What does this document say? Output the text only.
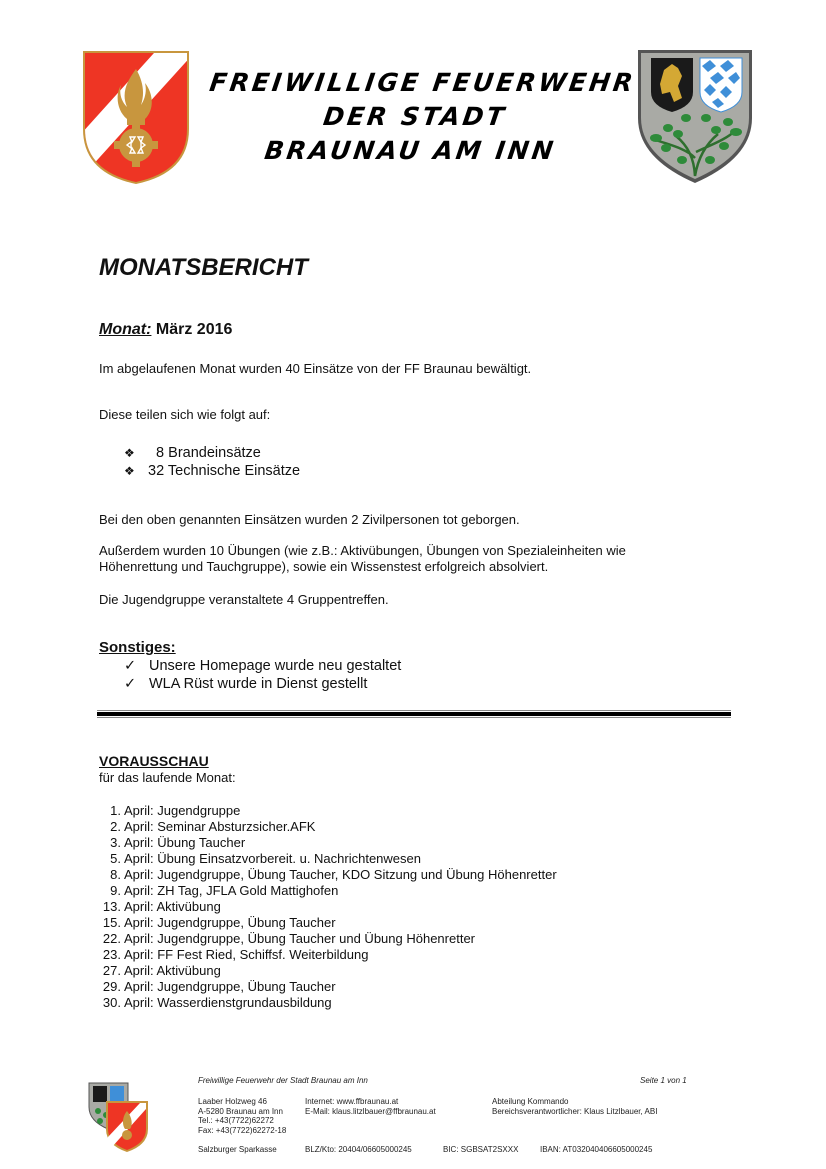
FREIWILLIGE FEUERWEHR
DER STADT
BRAUNAU AM INN
MONATSBERICHT
Monat: März 2016
Im abgelaufenen Monat wurden 40 Einsätze von der FF Braunau bewältigt.
Diese teilen sich wie folgt auf:
❖ 8 Brandeinsätze
❖ 32 Technische Einsätze
Bei den oben genannten Einsätzen wurden 2 Zivilpersonen tot geborgen.
Außerdem wurden 10 Übungen (wie z.B.: Aktivübungen, Übungen von Spezialeinheiten wie
Höhenrettung und Tauchgruppe), sowie ein Wissenstest erfolgreich absolviert.
Die Jugendgruppe veranstaltete 4 Gruppentreffen.
Sonstiges:
✓ Unsere Homepage wurde neu gestaltet
✓ WLA Rüst wurde in Dienst gestellt
VORAUSSCHAU
für das laufende Monat:
1. April: Jugendgruppe
2. April: Seminar Absturzsicher.AFK
3. April: Übung Taucher
5. April: Übung Einsatzvorbereit. u. Nachrichtenwesen
8. April: Jugendgruppe, Übung Taucher, KDO Sitzung und Übung Höhenretter
9. April: ZH Tag, JFLA Gold Mattighofen
13. April: Aktivübung
15. April: Jugendgruppe, Übung Taucher
22. April: Jugendgruppe, Übung Taucher und Übung Höhenretter
23. April: FF Fest Ried, Schiffsf. Weiterbildung
27. April: Aktivübung
29. April: Jugendgruppe, Übung Taucher
30. April: Wasserdienstgrundausbildung
Freiwillige Feuerwehr der Stadt Braunau am Inn	Seite 1 von 1
Laaber Holzweg 46
A-5280 Braunau am Inn
Tel.: +43(7722)62272
Fax: +43(7722)62272-18
Internet: www.ffbraunau.at
E-Mail: klaus.litzlbauer@ffbraunau.at
Abteilung Kommando
Bereichsverantwortlicher: Klaus Litzlbauer, ABI
Salzburger Sparkasse	BLZ/Kto: 20404/06605000245	BIC: SGBSAT2SXXX	IBAN: AT032040406605000245
